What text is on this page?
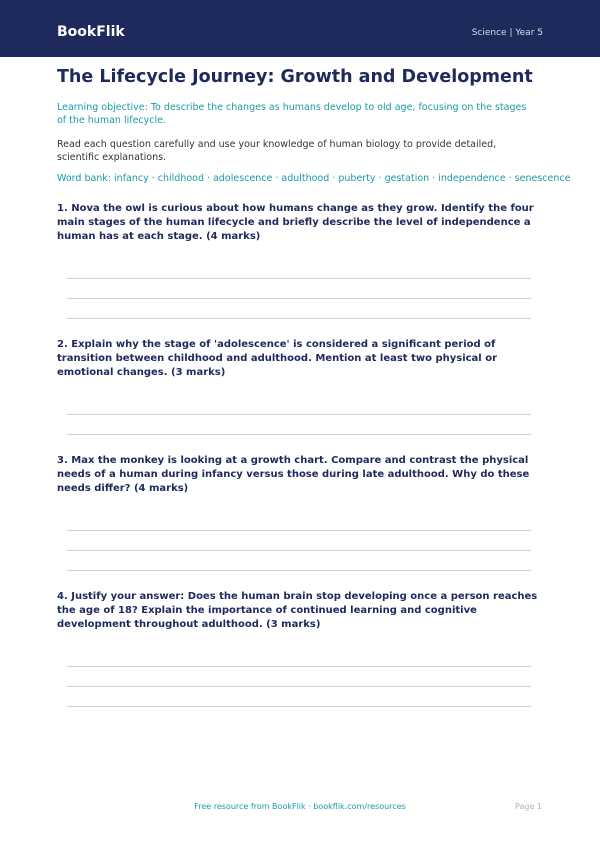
BookFlik	Science | Year 5
The Lifecycle Journey: Growth and Development
Learning objective: To describe the changes as humans develop to old age, focusing on the stages of the human lifecycle.
Read each question carefully and use your knowledge of human biology to provide detailed, scientific explanations.
Word bank: infancy · childhood · adolescence · adulthood · puberty · gestation · independence · senescence
1. Nova the owl is curious about how humans change as they grow. Identify the four main stages of the human lifecycle and briefly describe the level of independence a human has at each stage. (4 marks)
2. Explain why the stage of 'adolescence' is considered a significant period of transition between childhood and adulthood. Mention at least two physical or emotional changes. (3 marks)
3. Max the monkey is looking at a growth chart. Compare and contrast the physical needs of a human during infancy versus those during late adulthood. Why do these needs differ? (4 marks)
4. Justify your answer: Does the human brain stop developing once a person reaches the age of 18? Explain the importance of continued learning and cognitive development throughout adulthood. (3 marks)
Free resource from BookFlik · bookflik.com/resources	Page 1
